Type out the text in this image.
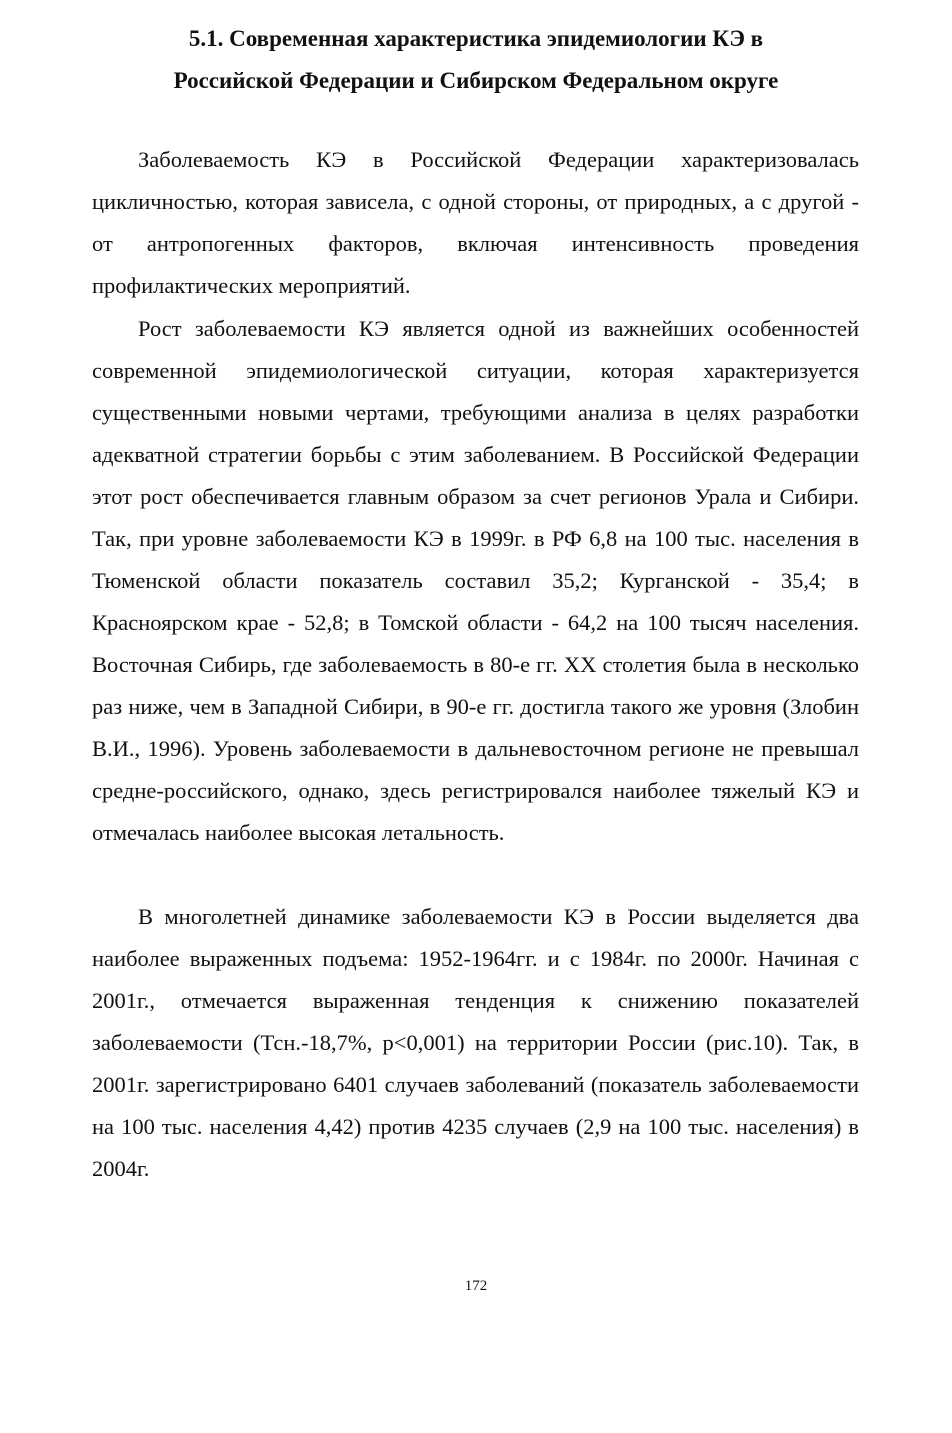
5.1. Современная характеристика эпидемиологии КЭ в
Российской Федерации и Сибирском Федеральном округе

Заболеваемость КЭ в Российской Федерации характеризовалась цикличностью, которая зависела, с одной стороны, от природных, а с другой - от антропогенных факторов, включая интенсивность проведения профилактических мероприятий.

Рост заболеваемости КЭ является одной из важнейших особенностей современной эпидемиологической ситуации, которая характеризуется существенными новыми чертами, требующими анализа в целях разработки адекватной стратегии борьбы с этим заболеванием. В Российской Федерации этот рост обеспечивается главным образом за счет регионов Урала и Сибири. Так, при уровне заболеваемости КЭ в 1999г. в РФ 6,8 на 100 тыс. населения в Тюменской области показатель составил 35,2; Курганской - 35,4; в Красноярском крае - 52,8; в Томской области - 64,2 на 100 тысяч населения. Восточная Сибирь, где заболеваемость в 80-е гг. XX столетия была в несколько раз ниже, чем в Западной Сибири, в 90-е гг. достигла такого же уровня (Злобин В.И., 1996). Уровень заболеваемости в дальневосточном регионе не превышал средне-российского, однако, здесь регистрировался наиболее тяжелый КЭ и отмечалась наиболее высокая летальность.

В многолетней динамике заболеваемости КЭ в России выделяется два наиболее выраженных подъема: 1952-1964гг. и с 1984г. по 2000г. Начиная с 2001г., отмечается выраженная тенденция к снижению показателей заболеваемости (Тсн.-18,7%, р<0,001) на территории России (рис.10). Так, в 2001г. зарегистрировано 6401 случаев заболеваний (показатель заболеваемости на 100 тыс. населения 4,42) против 4235 случаев (2,9 на 100 тыс. населения) в 2004г.

172
